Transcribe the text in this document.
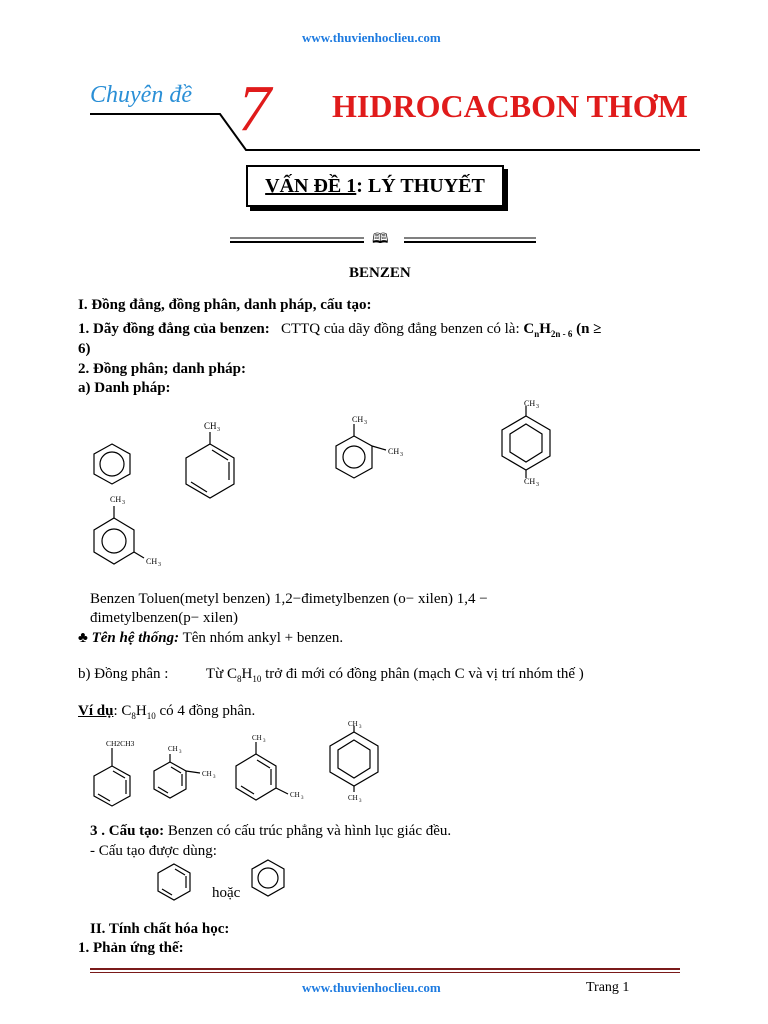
www.thuvienhoclieu.com
Chuyên đề 7 HIDROCACBON THƠM
VẤN ĐỀ 1 : LÝ THUYẾT
🕮
BENZEN
I. Đồng đẳng, đồng phân, danh pháp, cấu tạo:
1. Dãy đồng đẳng của benzen: CTTQ của dãy đồng đẳng benzen có là: $C_nH_{2n - 6}$ (n ≥
6)
2. Đồng phân; danh pháp:
a) Danh pháp:
CH 3
CH 3
CH 3
CH 3
CH 3
CH 3
CH 3
Benzen Toluen(metyl benzen) 1,2−đimetylbenzen (o− xilen) 1,4 −
đimetylbenzen(p− xilen)
♣ Tên hệ thống: Tên nhóm ankyl + benzen.
b) Đồng phân :	Từ $C_8H_{10}$ trở đi mới có đồng phân (mạch C và vị trí nhóm thế )
Ví dụ: $C_8H_{10}$ có 4 đồng phân.
CH2CH3
CH 3
CH 3
CH 3
CH 3
CH 3
CH 3
3 . Cấu tạo: Benzen có cấu trúc phẳng và hình lục giác đều.
- Cấu tạo được dùng:
hoặc
II. Tính chất hóa học:
1. Phản ứng thế:
www.thuvienhoclieu.com	Trang 1
